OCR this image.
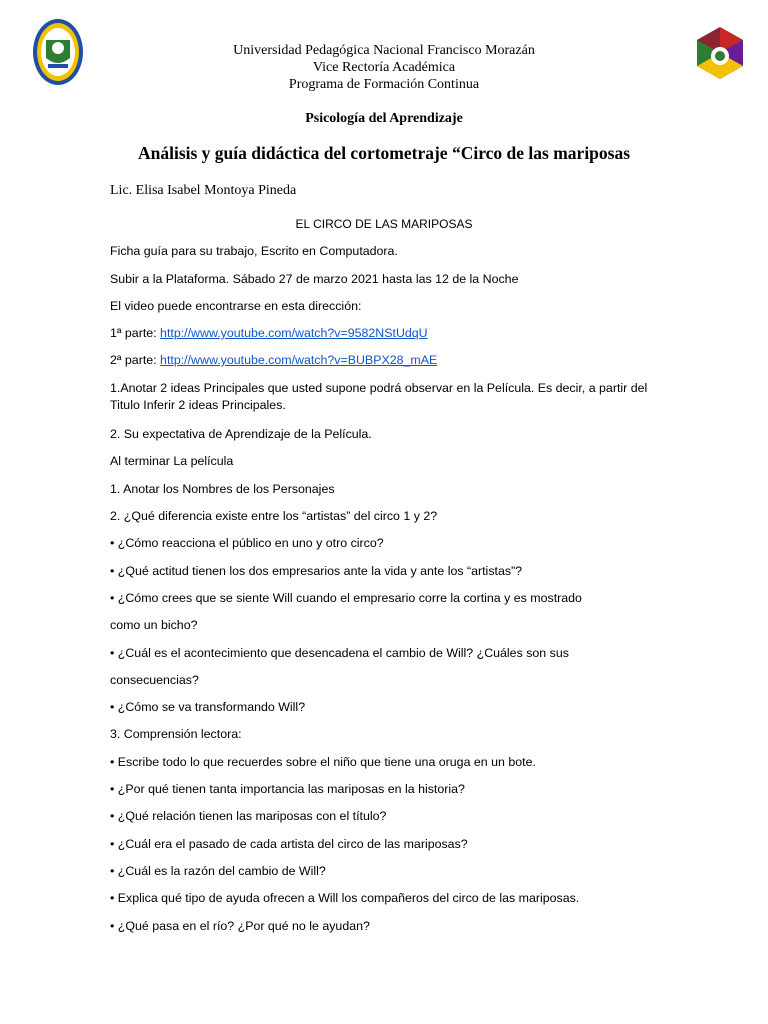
Universidad Pedagógica Nacional Francisco Morazán
Vice Rectoría Académica
Programa de Formación Continua
Psicología del Aprendizaje
Análisis y guía didáctica del cortometraje “Circo de las mariposas
Lic. Elisa Isabel Montoya Pineda
EL CIRCO DE LAS MARIPOSAS
Ficha guía para su trabajo, Escrito en Computadora.
Subir a la Plataforma. Sábado 27 de marzo 2021 hasta las 12 de la Noche
El video puede encontrarse en esta dirección:
1ª parte: http://www.youtube.com/watch?v=9582NStUdqU
2ª parte: http://www.youtube.com/watch?v=BUBPX28_mAE
1.Anotar 2 ideas Principales que usted supone podrá observar en la Película. Es decir, a partir del Titulo Inferir 2 ideas Principales.
2. Su expectativa de Aprendizaje de la Película.
Al terminar La película
1. Anotar los Nombres de los Personajes
2. ¿Qué diferencia existe entre los “artistas” del circo 1 y 2?
• ¿Cómo reacciona el público en uno y otro circo?
• ¿Qué actitud tienen los dos empresarios ante la vida y ante los “artistas”?
• ¿Cómo crees que se siente Will cuando el empresario corre la cortina y es mostrado
como un bicho?
• ¿Cuál es el acontecimiento que desencadena el cambio de Will? ¿Cuáles son sus
consecuencias?
• ¿Cómo se va transformando Will?
3. Comprensión lectora:
• Escribe todo lo que recuerdes sobre el niño que tiene una oruga en un bote.
• ¿Por qué tienen tanta importancia las mariposas en la historia?
• ¿Qué relación tienen las mariposas con el título?
• ¿Cuál era el pasado de cada artista del circo de las mariposas?
• ¿Cuál es la razón del cambio de Will?
• Explica qué tipo de ayuda ofrecen a Will los compañeros del circo de las mariposas.
• ¿Qué pasa en el río? ¿Por qué no le ayudan?
